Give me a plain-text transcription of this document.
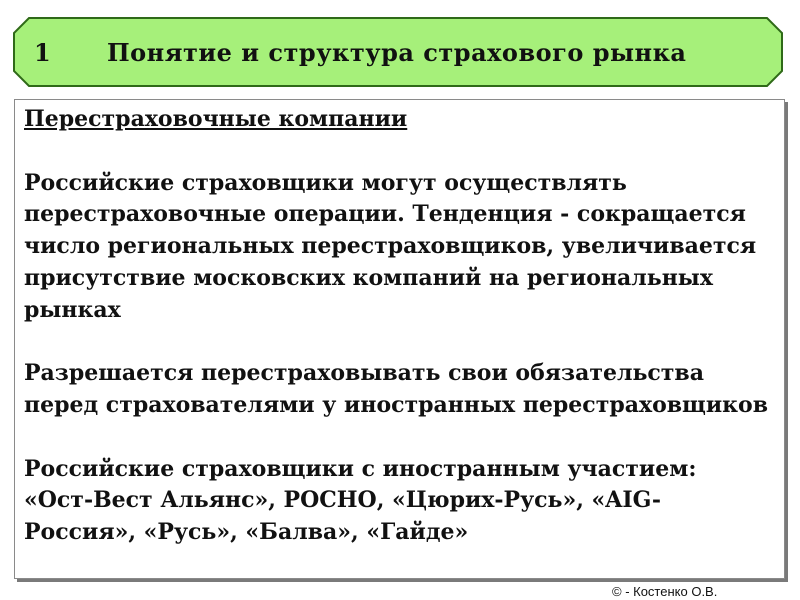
1 Понятие и структура страхового рынка

Перестраховочные компании

Российские страховщики могут осуществлять перестраховочные операции. Тенденция - сокращается число региональных перестраховщиков, увеличивается присутствие московских компаний на региональных рынках

Разрешается перестраховывать свои обязательства перед страхователями у иностранных перестраховщиков

Российские страховщики с иностранным участием: «Ост-Вест Альянс», РОСНО, «Цюрих-Русь», «AIG-Россия», «Русь», «Балва», «Гайде»

© - Костенко О.В.
